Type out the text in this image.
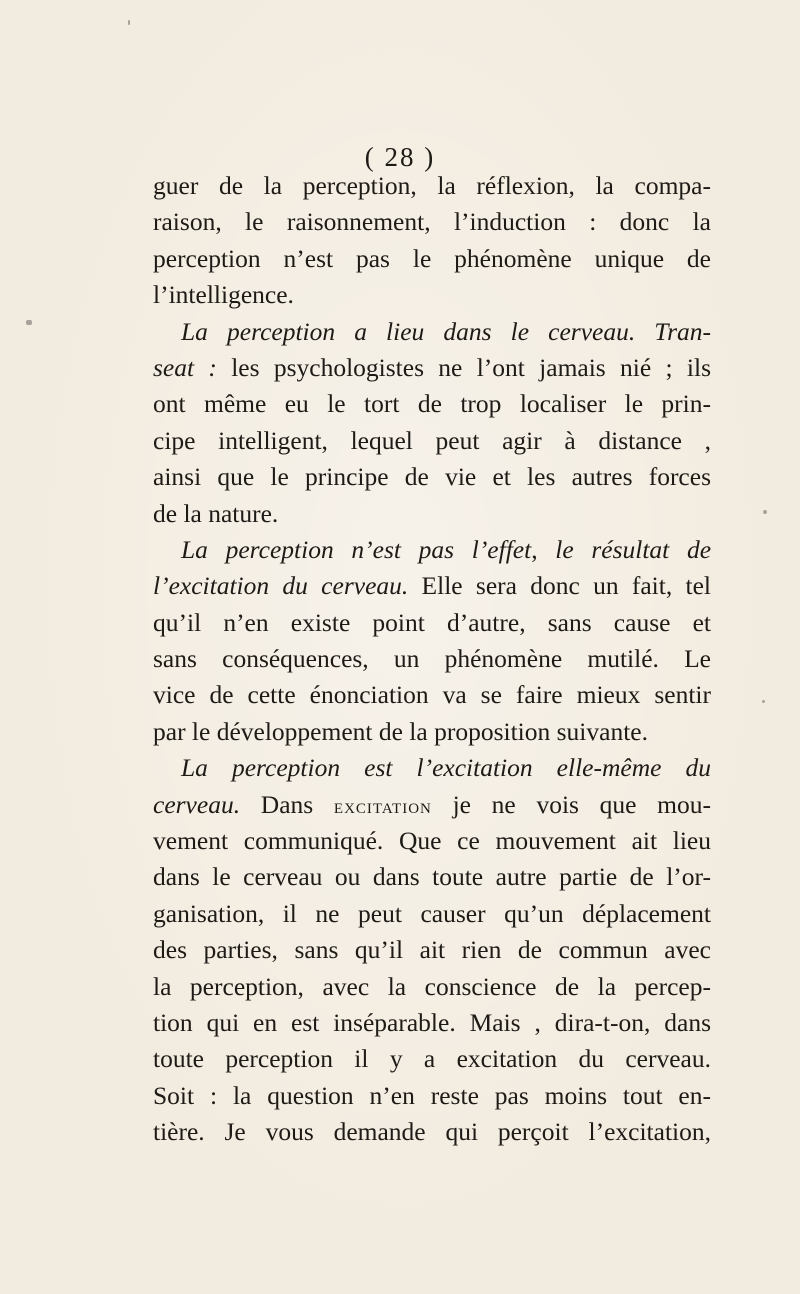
( 28 )
guer de la perception, la réflexion, la compa-
raison, le raisonnement, l’induction : donc la
perception n’est pas le phénomène unique de
l’intelligence.
La perception a lieu dans le cerveau. Tran-
seat : les psychologistes ne l’ont jamais nié ; ils
ont même eu le tort de trop localiser le prin-
cipe intelligent, lequel peut agir à distance ,
ainsi que le principe de vie et les autres forces
de la nature.
La perception n’est pas l’effet, le résultat de
l’excitation du cerveau. Elle sera donc un fait, tel
qu’il n’en existe point d’autre, sans cause et
sans conséquences, un phénomène mutilé. Le
vice de cette énonciation va se faire mieux sentir
par le développement de la proposition suivante.
La perception est l’excitation elle-même du
cerveau. Dans excitation je ne vois que mou-
vement communiqué. Que ce mouvement ait lieu
dans le cerveau ou dans toute autre partie de l’or-
ganisation, il ne peut causer qu’un déplacement
des parties, sans qu’il ait rien de commun avec
la perception, avec la conscience de la percep-
tion qui en est inséparable. Mais , dira-t-on, dans
toute perception il y a excitation du cerveau.
Soit : la question n’en reste pas moins tout en-
tière. Je vous demande qui perçoit l’excitation,
